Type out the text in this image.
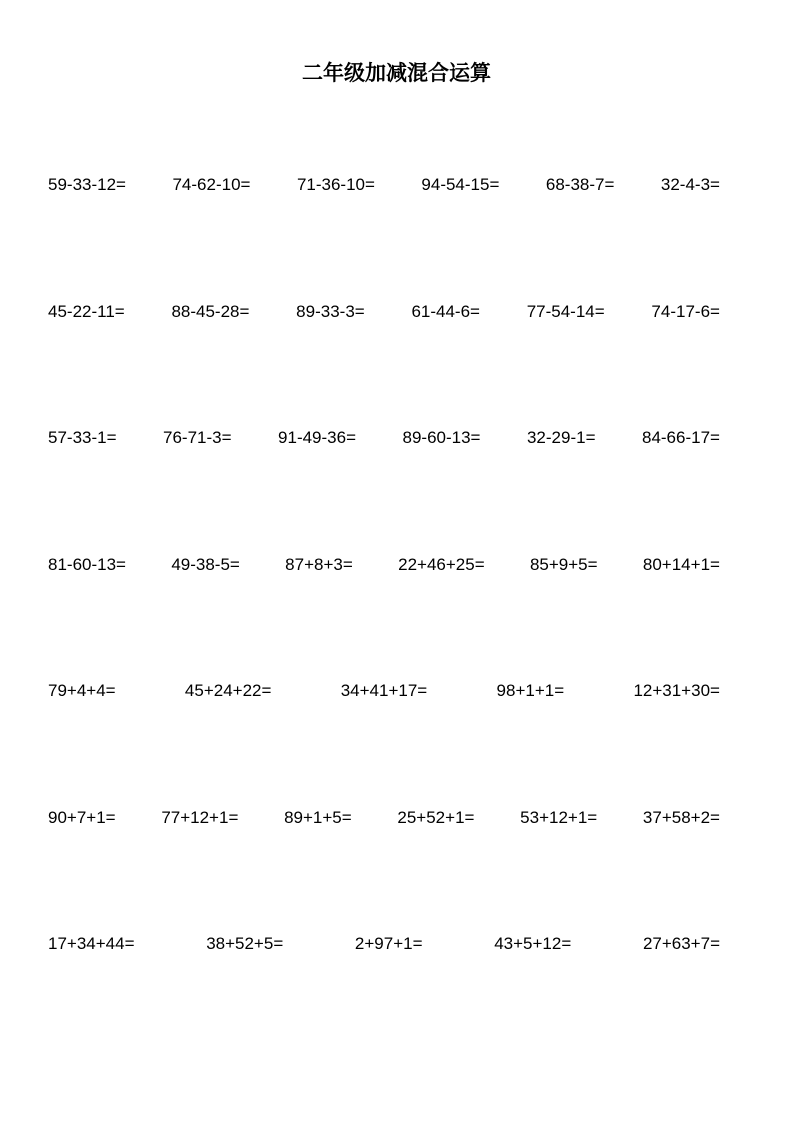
二年级加减混合运算
59-33-12=	74-62-10=	71-36-10=	94-54-15=	68-38-7=	32-4-3=
45-22-11=	88-45-28=	89-33-3=	61-44-6=	77-54-14=	74-17-6=
57-33-1=	76-71-3=	91-49-36=	89-60-13=	32-29-1=	84-66-17=
81-60-13=	49-38-5=	87+8+3=	22+46+25=	85+9+5=	80+14+1=
79+4+4=	45+24+22=	34+41+17=	98+1+1=	12+31+30=
90+7+1=	77+12+1=	89+1+5=	25+52+1=	53+12+1=	37+58+2=
17+34+44=	38+52+5=	2+97+1=	43+5+12=	27+63+7=
